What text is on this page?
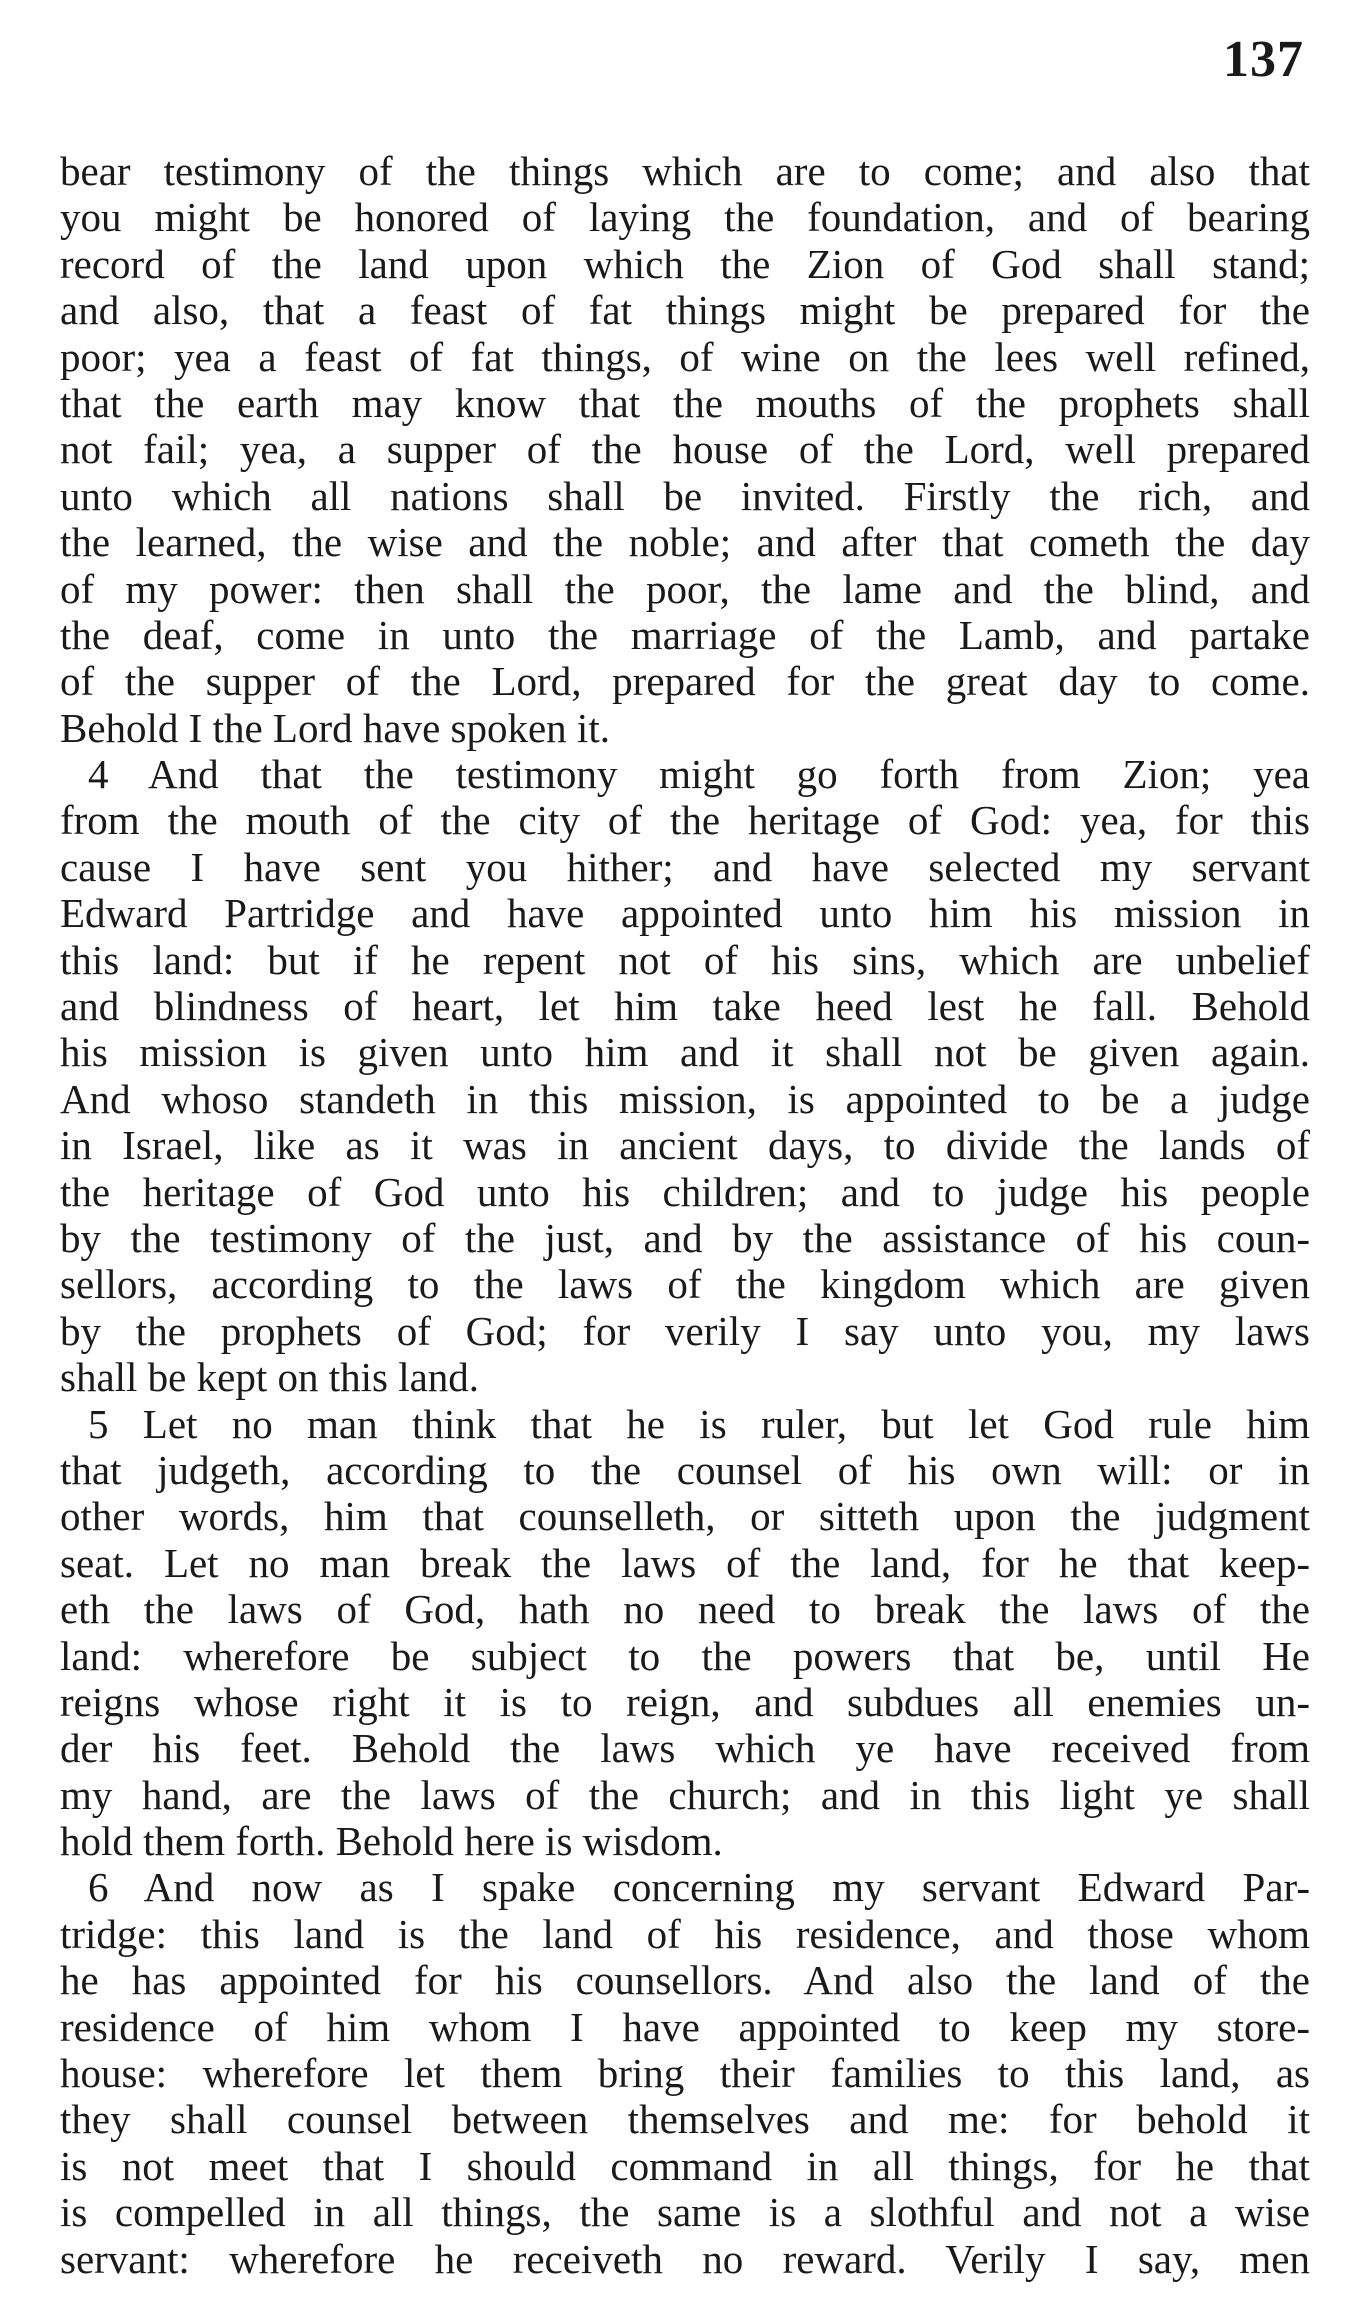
137
bear testimony of the things which are to come; and also that
you might be honored of laying the foundation, and of bearing
record of the land upon which the Zion of God shall stand;
and also, that a feast of fat things might be prepared for the
poor; yea a feast of fat things, of wine on the lees well refined,
that the earth may know that the mouths of the prophets shall
not fail; yea, a supper of the house of the Lord, well prepared
unto which all nations shall be invited. Firstly the rich, and
the learned, the wise and the noble; and after that cometh the day
of my power: then shall the poor, the lame and the blind, and
the deaf, come in unto the marriage of the Lamb, and partake
of the supper of the Lord, prepared for the great day to come.
Behold I the Lord have spoken it.
4 And that the testimony might go forth from Zion; yea
from the mouth of the city of the heritage of God: yea, for this
cause I have sent you hither; and have selected my servant
Edward Partridge and have appointed unto him his mission in
this land: but if he repent not of his sins, which are unbelief
and blindness of heart, let him take heed lest he fall. Behold
his mission is given unto him and it shall not be given again.
And whoso standeth in this mission, is appointed to be a judge
in Israel, like as it was in ancient days, to divide the lands of
the heritage of God unto his children; and to judge his people
by the testimony of the just, and by the assistance of his coun-
sellors, according to the laws of the kingdom which are given
by the prophets of God; for verily I say unto you, my laws
shall be kept on this land.
5 Let no man think that he is ruler, but let God rule him
that judgeth, according to the counsel of his own will: or in
other words, him that counselleth, or sitteth upon the judgment
seat. Let no man break the laws of the land, for he that keep-
eth the laws of God, hath no need to break the laws of the
land: wherefore be subject to the powers that be, until He
reigns whose right it is to reign, and subdues all enemies un-
der his feet. Behold the laws which ye have received from
my hand, are the laws of the church; and in this light ye shall
hold them forth. Behold here is wisdom.
6 And now as I spake concerning my servant Edward Par-
tridge: this land is the land of his residence, and those whom
he has appointed for his counsellors. And also the land of the
residence of him whom I have appointed to keep my store-
house: wherefore let them bring their families to this land, as
they shall counsel between themselves and me: for behold it
is not meet that I should command in all things, for he that
is compelled in all things, the same is a slothful and not a wise
servant: wherefore he receiveth no reward. Verily I say, men
